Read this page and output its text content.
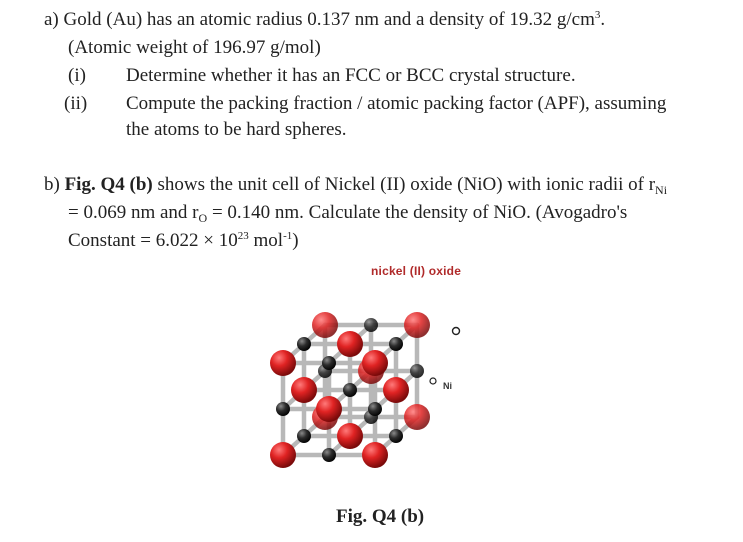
a) Gold (Au) has an atomic radius 0.137 nm and a density of 19.32 $g/cm^3$.
(Atomic weight of 196.97 g/mol)
(i) Determine whether it has an FCC or BCC crystal structure.
(ii) Compute the packing fraction / atomic packing factor (APF), assuming
the atoms to be hard spheres.
b) Fig. Q4 (b) shows the unit cell of Nickel (II) oxide (NiO) with ionic radii of $r_{Ni}$
= 0.069 nm and $r_O = 0.140$ nm. Calculate the density of NiO. (Avogadro's
Constant = $6.022 \times 10^{23}$ mol$^{-1}$)
nickel (II) oxide
Ni
Fig. Q4 (b)
